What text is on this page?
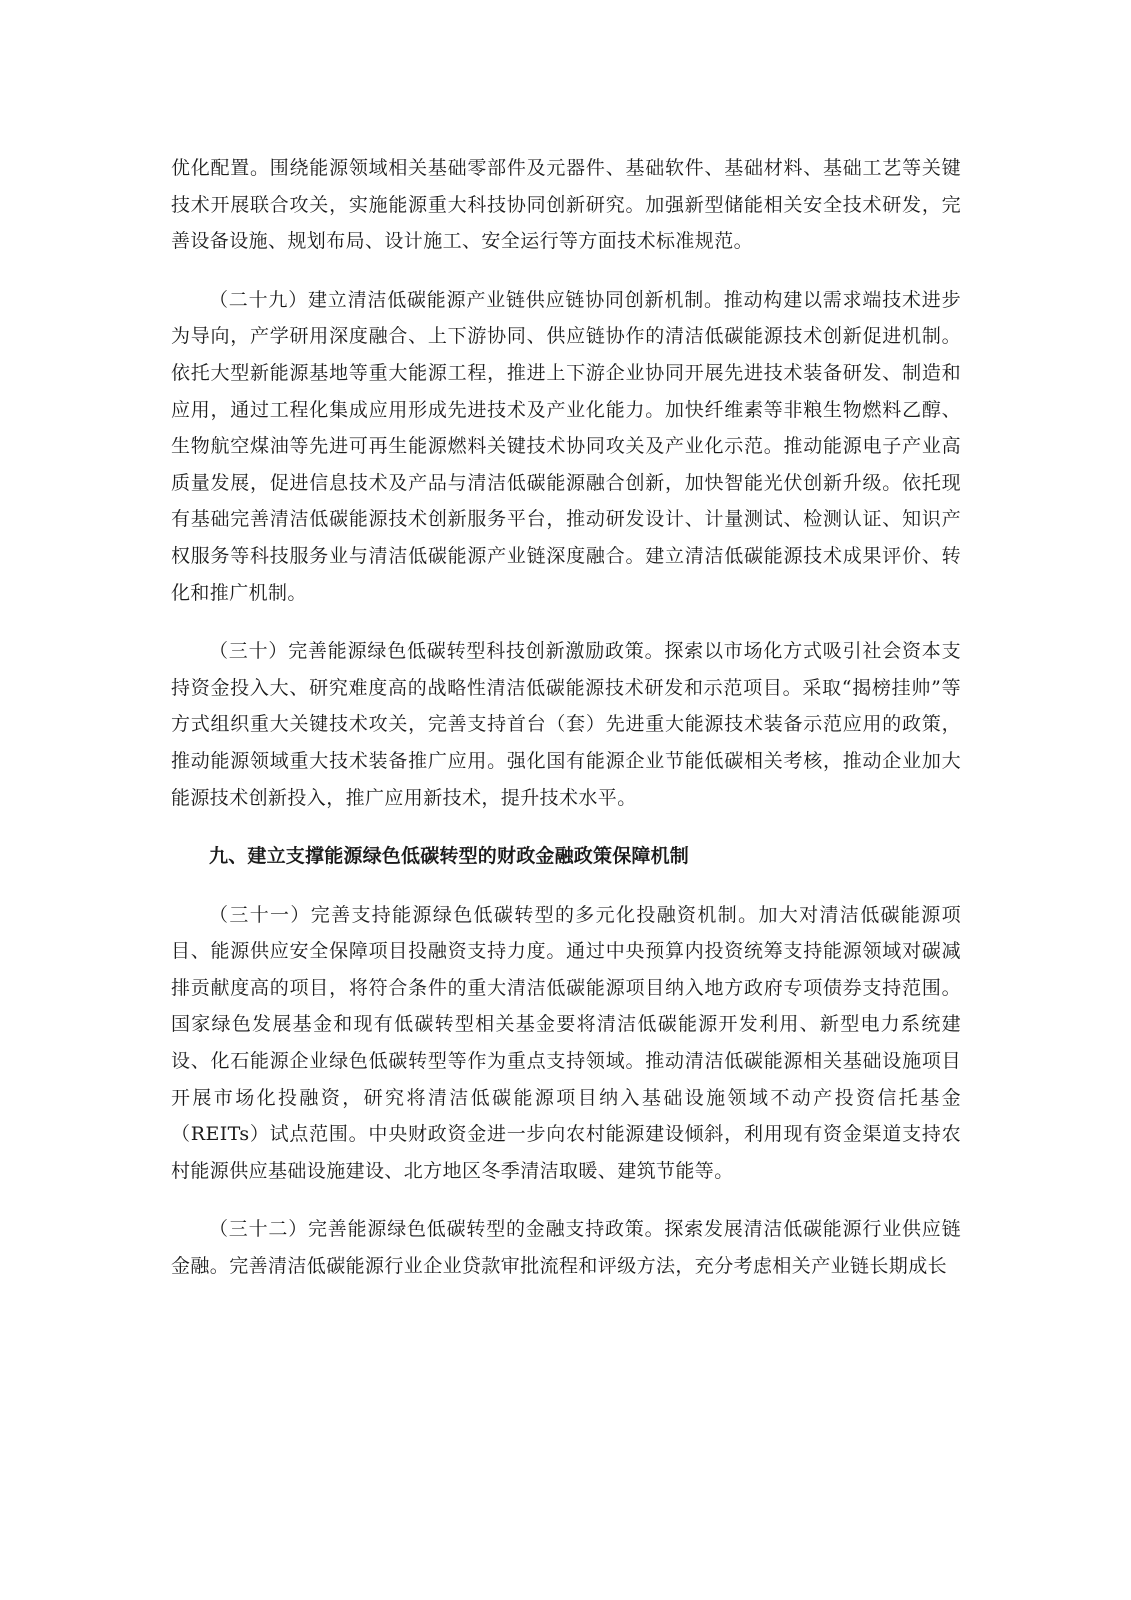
优化配置。围绕能源领域相关基础零部件及元器件、基础软件、基础材料、基础工艺等关键技术开展联合攻关，实施能源重大科技协同创新研究。加强新型储能相关安全技术研发，完善设备设施、规划布局、设计施工、安全运行等方面技术标准规范。

（二十九）建立清洁低碳能源产业链供应链协同创新机制。推动构建以需求端技术进步为导向，产学研用深度融合、上下游协同、供应链协作的清洁低碳能源技术创新促进机制。依托大型新能源基地等重大能源工程，推进上下游企业协同开展先进技术装备研发、制造和应用，通过工程化集成应用形成先进技术及产业化能力。加快纤维素等非粮生物燃料乙醇、生物航空煤油等先进可再生能源燃料关键技术协同攻关及产业化示范。推动能源电子产业高质量发展，促进信息技术及产品与清洁低碳能源融合创新，加快智能光伏创新升级。依托现有基础完善清洁低碳能源技术创新服务平台，推动研发设计、计量测试、检测认证、知识产权服务等科技服务业与清洁低碳能源产业链深度融合。建立清洁低碳能源技术成果评价、转化和推广机制。

（三十）完善能源绿色低碳转型科技创新激励政策。探索以市场化方式吸引社会资本支持资金投入大、研究难度高的战略性清洁低碳能源技术研发和示范项目。采取“揭榜挂帅”等方式组织重大关键技术攻关，完善支持首台（套）先进重大能源技术装备示范应用的政策，推动能源领域重大技术装备推广应用。强化国有能源企业节能低碳相关考核，推动企业加大能源技术创新投入，推广应用新技术，提升技术水平。

九、建立支撑能源绿色低碳转型的财政金融政策保障机制

（三十一）完善支持能源绿色低碳转型的多元化投融资机制。加大对清洁低碳能源项目、能源供应安全保障项目投融资支持力度。通过中央预算内投资统筹支持能源领域对碳减排贡献度高的项目，将符合条件的重大清洁低碳能源项目纳入地方政府专项债券支持范围。国家绿色发展基金和现有低碳转型相关基金要将清洁低碳能源开发利用、新型电力系统建设、化石能源企业绿色低碳转型等作为重点支持领域。推动清洁低碳能源相关基础设施项目开展市场化投融资，研究将清洁低碳能源项目纳入基础设施领域不动产投资信托基金（REITs）试点范围。中央财政资金进一步向农村能源建设倾斜，利用现有资金渠道支持农村能源供应基础设施建设、北方地区冬季清洁取暖、建筑节能等。

（三十二）完善能源绿色低碳转型的金融支持政策。探索发展清洁低碳能源行业供应链金融。完善清洁低碳能源行业企业贷款审批流程和评级方法，充分考虑相关产业链长期成长
